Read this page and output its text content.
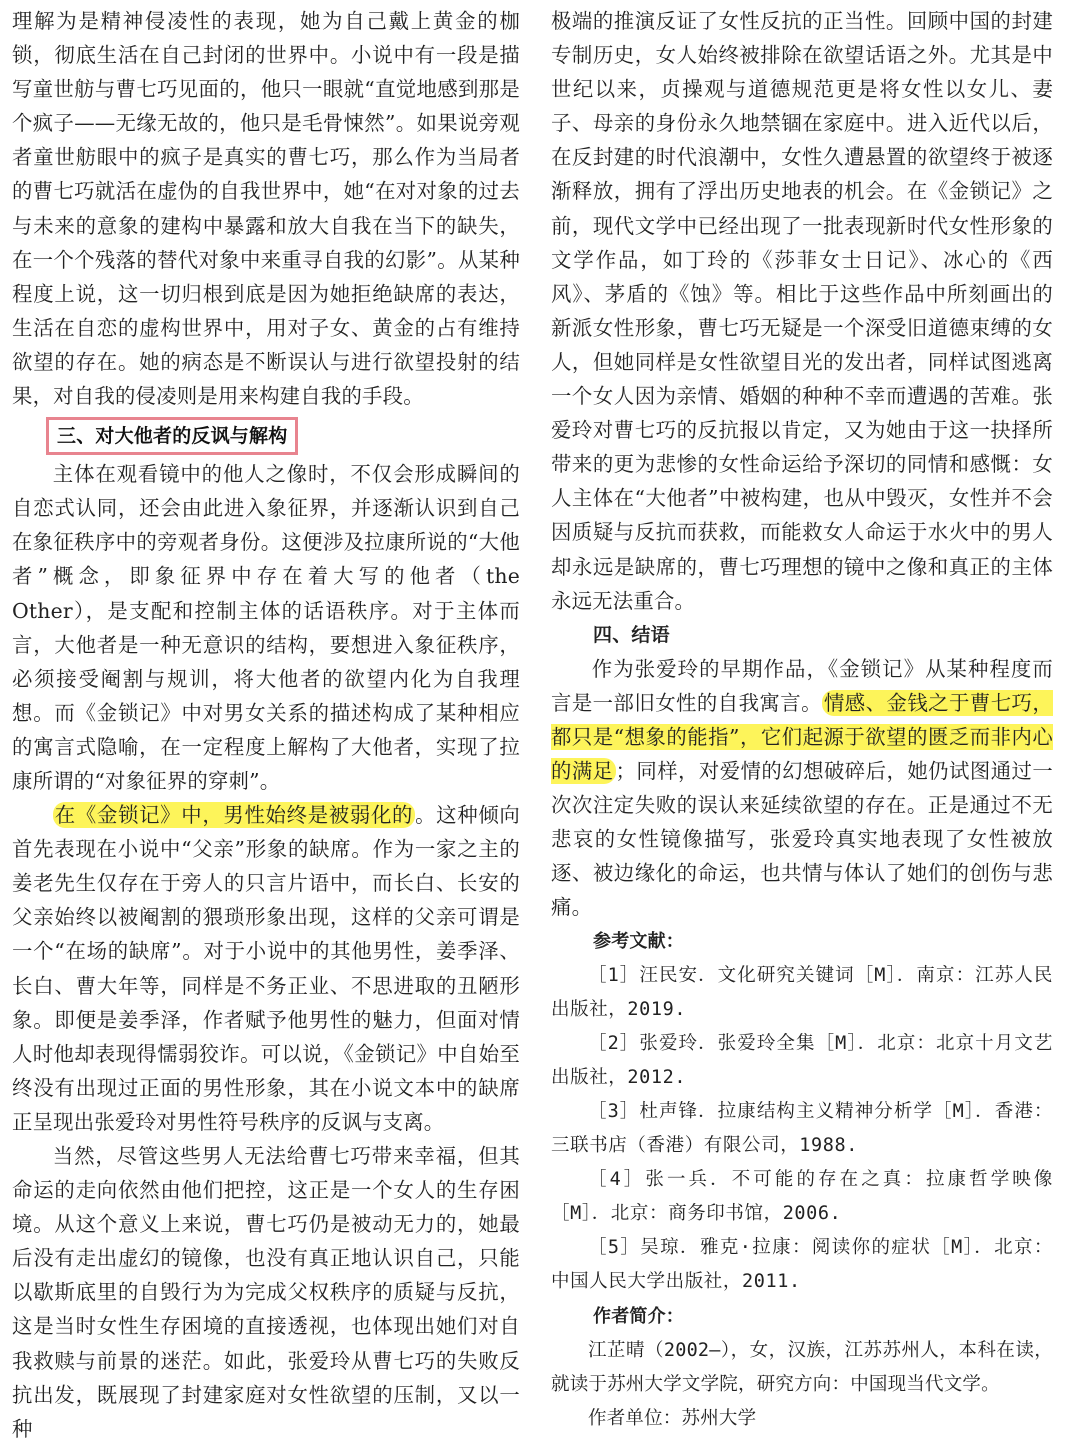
理解为是精神侵凌性的表现，她为自己戴上黄金的枷锁，彻底生活在自己封闭的世界中。小说中有一段是描写童世舫与曹七巧见面的，他只一眼就“直觉地感到那是个疯子——无缘无故的，他只是毛骨悚然”。如果说旁观者童世舫眼中的疯子是真实的曹七巧，那么作为当局者的曹七巧就活在虚伪的自我世界中，她“在对对象的过去与未来的意象的建构中暴露和放大自我在当下的缺失，在一个个残落的替代对象中来重寻自我的幻影”。从某种程度上说，这一切归根到底是因为她拒绝缺席的表达，生活在自恋的虚构世界中，用对子女、黄金的占有维持欲望的存在。她的病态是不断误认与进行欲望投射的结果，对自我的侵凌则是用来构建自我的手段。

三、对大他者的反讽与解构

主体在观看镜中的他人之像时，不仅会形成瞬间的自恋式认同，还会由此进入象征界，并逐渐认识到自己在象征秩序中的旁观者身份。这便涉及拉康所说的“大他者”概念，即象征界中存在着大写的他者（the Other），是支配和控制主体的话语秩序。对于主体而言，大他者是一种无意识的结构，要想进入象征秩序，必须接受阉割与规训，将大他者的欲望内化为自我理想。而《金锁记》中对男女关系的描述构成了某种相应的寓言式隐喻，在一定程度上解构了大他者，实现了拉康所谓的“对象征界的穿刺”。

在《金锁记》中，男性始终是被弱化的。这种倾向首先表现在小说中“父亲”形象的缺席。作为一家之主的姜老先生仅存在于旁人的只言片语中，而长白、长安的父亲始终以被阉割的猥琐形象出现，这样的父亲可谓是一个“在场的缺席”。对于小说中的其他男性，姜季泽、长白、曹大年等，同样是不务正业、不思进取的丑陋形象。即便是姜季泽，作者赋予他男性的魅力，但面对情人时他却表现得懦弱狡诈。可以说，《金锁记》中自始至终没有出现过正面的男性形象，其在小说文本中的缺席正呈现出张爱玲对男性符号秩序的反讽与支离。

当然，尽管这些男人无法给曹七巧带来幸福，但其命运的走向依然由他们把控，这正是一个女人的生存困境。从这个意义上来说，曹七巧仍是被动无力的，她最后没有走出虚幻的镜像，也没有真正地认识自己，只能以歇斯底里的自毁行为为完成父权秩序的质疑与反抗，这是当时女性生存困境的直接透视，也体现出她们对自我救赎与前景的迷茫。如此，张爱玲从曹七巧的失败反抗出发，既展现了封建家庭对女性欲望的压制，又以一种

极端的推演反证了女性反抗的正当性。回顾中国的封建专制历史，女人始终被排除在欲望话语之外。尤其是中世纪以来，贞操观与道德规范更是将女性以女儿、妻子、母亲的身份永久地禁锢在家庭中。进入近代以后，在反封建的时代浪潮中，女性久遭悬置的欲望终于被逐渐释放，拥有了浮出历史地表的机会。在《金锁记》之前，现代文学中已经出现了一批表现新时代女性形象的文学作品，如丁玲的《莎菲女士日记》、冰心的《西风》、茅盾的《蚀》等。相比于这些作品中所刻画出的新派女性形象，曹七巧无疑是一个深受旧道德束缚的女人，但她同样是女性欲望目光的发出者，同样试图逃离一个女人因为亲情、婚姻的种种不幸而遭遇的苦难。张爱玲对曹七巧的反抗报以肯定，又为她由于这一抉择所带来的更为悲惨的女性命运给予深切的同情和感慨：女人主体在“大他者”中被构建，也从中毁灭，女性并不会因质疑与反抗而获救，而能救女人命运于水火中的男人却永远是缺席的，曹七巧理想的镜中之像和真正的主体永远无法重合。

四、结语

作为张爱玲的早期作品，《金锁记》从某种程度而言是一部旧女性的自我寓言。情感、金钱之于曹七巧，都只是“想象的能指”，它们起源于欲望的匮乏而非内心的满足；同样，对爱情的幻想破碎后，她仍试图通过一次次注定失败的误认来延续欲望的存在。正是通过不无悲哀的女性镜像描写，张爱玲真实地表现了女性被放逐、被边缘化的命运，也共情与体认了她们的创伤与悲痛。

参考文献：

［1］汪民安．文化研究关键词［M］．南京：江苏人民出版社，2019.

［2］张爱玲．张爱玲全集［M］．北京：北京十月文艺出版社，2012.

［3］杜声锋．拉康结构主义精神分析学［M］．香港：三联书店（香港）有限公司，1988.

［4］张一兵．不可能的存在之真：拉康哲学映像［M］．北京：商务印书馆，2006.

［5］吴琼．雅克·拉康：阅读你的症状［M］．北京：中国人民大学出版社，2011.

作者简介：

江芷晴（2002—），女，汉族，江苏苏州人，本科在读，就读于苏州大学文学院，研究方向：中国现当代文学。

作者单位：苏州大学
